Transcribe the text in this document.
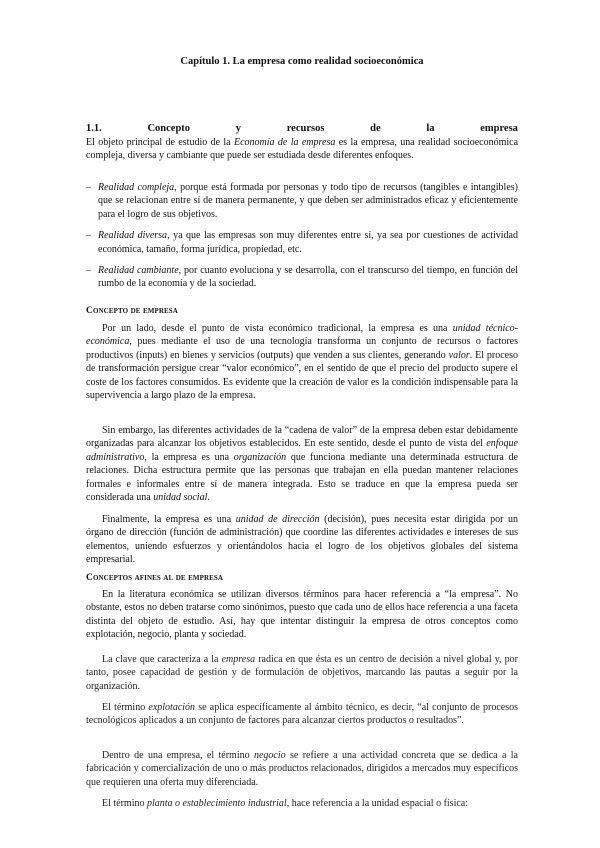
Capítulo 1. La empresa como realidad socioeconómica
1.1.	Concepto	y	recursos	de	la	empresa

El objeto principal de estudio de la Economía de la empresa es la empresa, una realidad socioeconómica compleja, diversa y cambiante que puede ser estudiada desde diferentes enfoques.

– Realidad compleja, porque está formada por personas y todo tipo de recursos (tangibles e intangibles) que se relacionan entre sí de manera permanente, y que deben ser administrados eficaz y eficientemente para el logro de sus objetivos.

– Realidad diversa, ya que las empresas son muy diferentes entre sí, ya sea por cuestiones de actividad económica, tamaño, forma jurídica, propiedad, etc.

– Realidad cambiante, por cuanto evoluciona y se desarrolla, con el transcurso del tiempo, en función del rumbo de la economía y de la sociedad.

Concepto de empresa

Por un lado, desde el punto de vista económico tradicional, la empresa es una unidad técnico-económica, pues mediante el uso de una tecnología transforma un conjunto de recursos o factores productivos (inputs) en bienes y servicios (outputs) que venden a sus clientes, generando valor. El proceso de transformación persigue crear “valor económico”, en el sentido de que el precio del producto supere el coste de los factores consumidos. Es evidente que la creación de valor es la condición indispensable para la supervivencia a largo plazo de la empresa.

Sin embargo, las diferentes actividades de la “cadena de valor” de la empresa deben estar debidamente organizadas para alcanzar los objetivos establecidos. En este sentido, desde el punto de vista del enfoque administrativo, la empresa es una organización que funciona mediante una determinada estructura de relaciones. Dicha estructura permite que las personas que trabajan en ella puedan mantener relaciones formales e informales entre sí de manera integrada. Esto se traduce en que la empresa pueda ser considerada una unidad social.

Finalmente, la empresa es una unidad de dirección (decisión), pues necesita estar dirigida por un órgano de dirección (función de administración) que coordine las diferentes actividades e intereses de sus elementos, uniendo esfuerzos y orientándolos hacia el logro de los objetivos globales del sistema empresarial.

Conceptos afines al de empresa

En la literatura económica se utilizan diversos términos para hacer referencia a “la empresa”. No obstante, estos no deben tratarse como sinónimos, puesto que cada uno de ellos hace referencia a una faceta distinta del objeto de estudio. Así, hay que intentar distinguir la empresa de otros conceptos como explotación, negocio, planta y sociedad.

La clave que caracteriza a la empresa radica en que ésta es un centro de decisión a nivel global y, por tanto, posee capacidad de gestión y de formulación de objetivos, marcando las pautas a seguir por la organización.

El término explotación se aplica específicamente al ámbito técnico, es decir, “al conjunto de procesos tecnológicos aplicados a un conjunto de factores para alcanzar ciertos productos o resultados”.

Dentro de una empresa, el término negocio se refiere a una actividad concreta que se dedica a la fabricación y comercialización de uno o más productos relacionados, dirigidos a mercados muy específicos que requieren una oferta muy diferenciada.

El término planta o establecimiento industrial, hace referencia a la unidad espacial o física:
